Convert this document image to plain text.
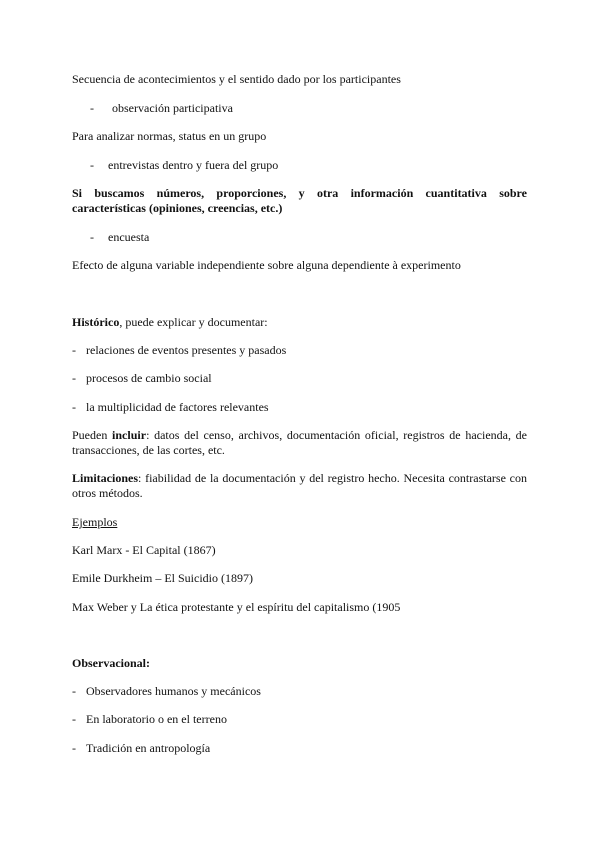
Secuencia de acontecimientos y el sentido dado por los participantes
- observación participativa
Para analizar normas, status en un grupo
- entrevistas dentro y fuera del grupo
Si buscamos números, proporciones, y otra información cuantitativa sobre características (opiniones, creencias, etc.)
- encuesta
Efecto de alguna variable independiente sobre alguna dependiente à experimento
Histórico, puede explicar y documentar:
- relaciones de eventos presentes y pasados
- procesos de cambio social
- la multiplicidad de factores relevantes
Pueden incluir: datos del censo, archivos, documentación oficial, registros de hacienda, de transacciones, de las cortes, etc.
Limitaciones: fiabilidad de la documentación y del registro hecho. Necesita contrastarse con otros métodos.
Ejemplos
Karl Marx - El Capital (1867)
Emile Durkheim – El Suicidio (1897)
Max Weber y La ética protestante y el espíritu del capitalismo (1905
Observacional:
- Observadores humanos y mecánicos
- En laboratorio o en el terreno
- Tradición en antropología
